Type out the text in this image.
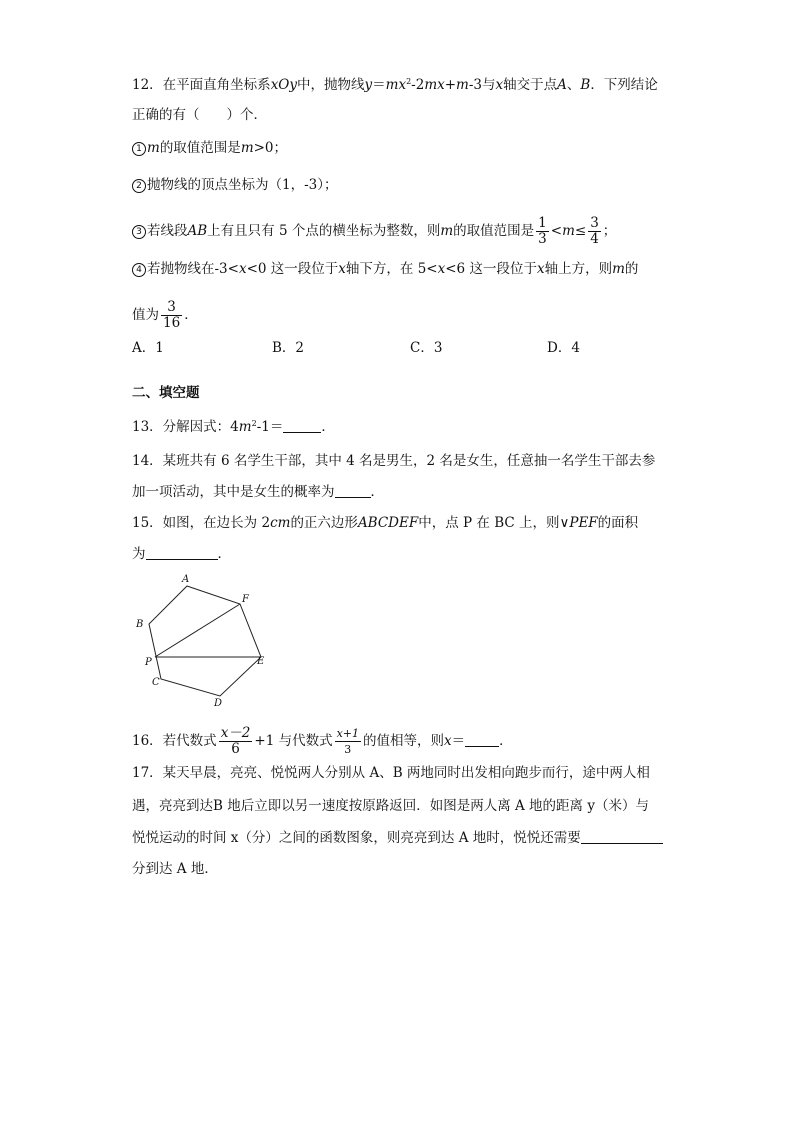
12．在平面直角坐标系xOy中，抛物线$y=mx^2-2mx+m-3$与x轴交于点A、B．下列结论
正确的有（　　）个．
1 m的取值范围是m>0；
2 抛物线的顶点坐标为（1，-3）；
3 若线段AB上有且只有 5 个点的横坐标为整数，则m的取值范围是 $\frac{1}{3} <m\le \frac{3}{4}$ ；
4 若抛物线在-3<x<0 这一段位于x轴下方，在 5<x<6 这一段位于x轴上方，则m的
值为 $\frac{3}{16}$ ．
A．1	B．2	C．3	D．4
二、填空题
13．分解因式：$4m^2-1=$	．
14．某班共有 6 名学生干部，其中 4 名是男生，2 名是女生，任意抽一名学生干部去参
加一项活动，其中是女生的概率为	．
15．如图，在边长为 2cm的正六边形ABCDEF中，点 P 在 BC 上，则∨PEF的面积
为	．
A
F
B
P	E
C
D
16．若代数式 $\frac{x-2}{6} +1$ 与代数式 $\frac{x+1}{3}$ 的值相等，则x＝	．
17．某天早晨，亮亮、悦悦两人分别从 A、B 两地同时出发相向跑步而行，途中两人相
遇，亮亮到达B 地后立即以另一速度按原路返回．如图是两人离 A 地的距离 y（米）与
悦悦运动的时间 x（分）之间的函数图象，则亮亮到达 A 地时，悦悦还需要
分到达 A 地．
